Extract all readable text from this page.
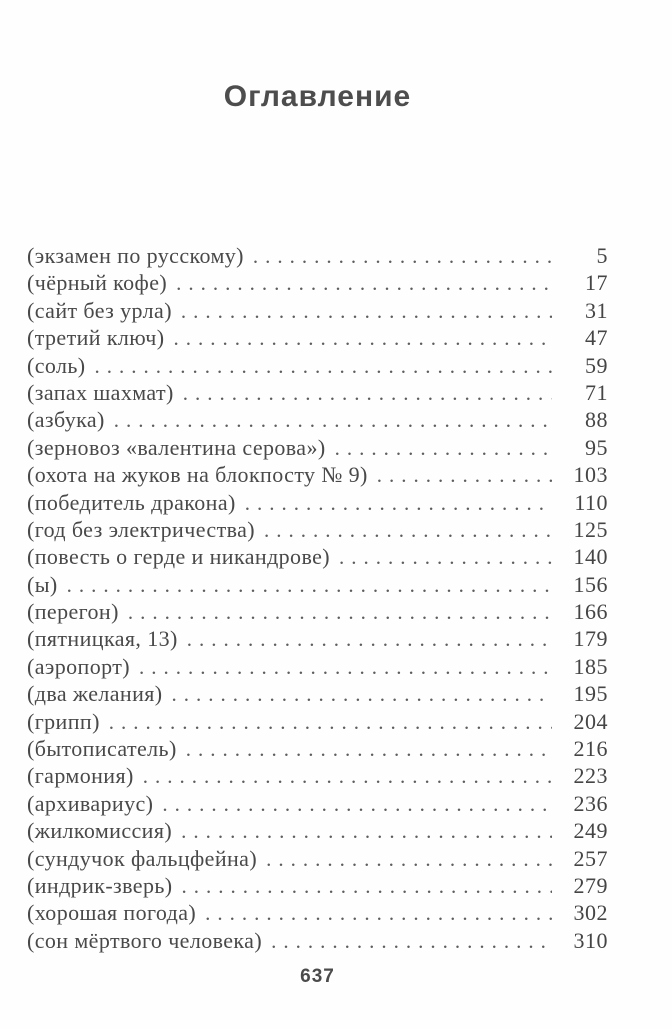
Оглавление
(экзамен по русскому) .....	5
(чёрный кофе) .....	17
(сайт без урла) .....	31
(третий ключ) .....	47
(соль) .....	59
(запах шахмат) .....	71
(азбука) .....	88
(зерновоз «валентина серова») .....	95
(охота на жуков на блокпосту № 9) .....	103
(победитель дракона) .....	110
(год без электричества) .....	125
(повесть о герде и никандрове) .....	140
(ы) .....	156
(перегон) .....	166
(пятницкая, 13) .....	179
(аэропорт) .....	185
(два желания) .....	195
(грипп) .....	204
(бытописатель) .....	216
(гармония) .....	223
(архивариус) .....	236
(жилкомиссия) .....	249
(сундучок фальцфейна) .....	257
(индрик-зверь) .....	279
(хорошая погода) .....	302
(сон мёртвого человека) .....	310
637
